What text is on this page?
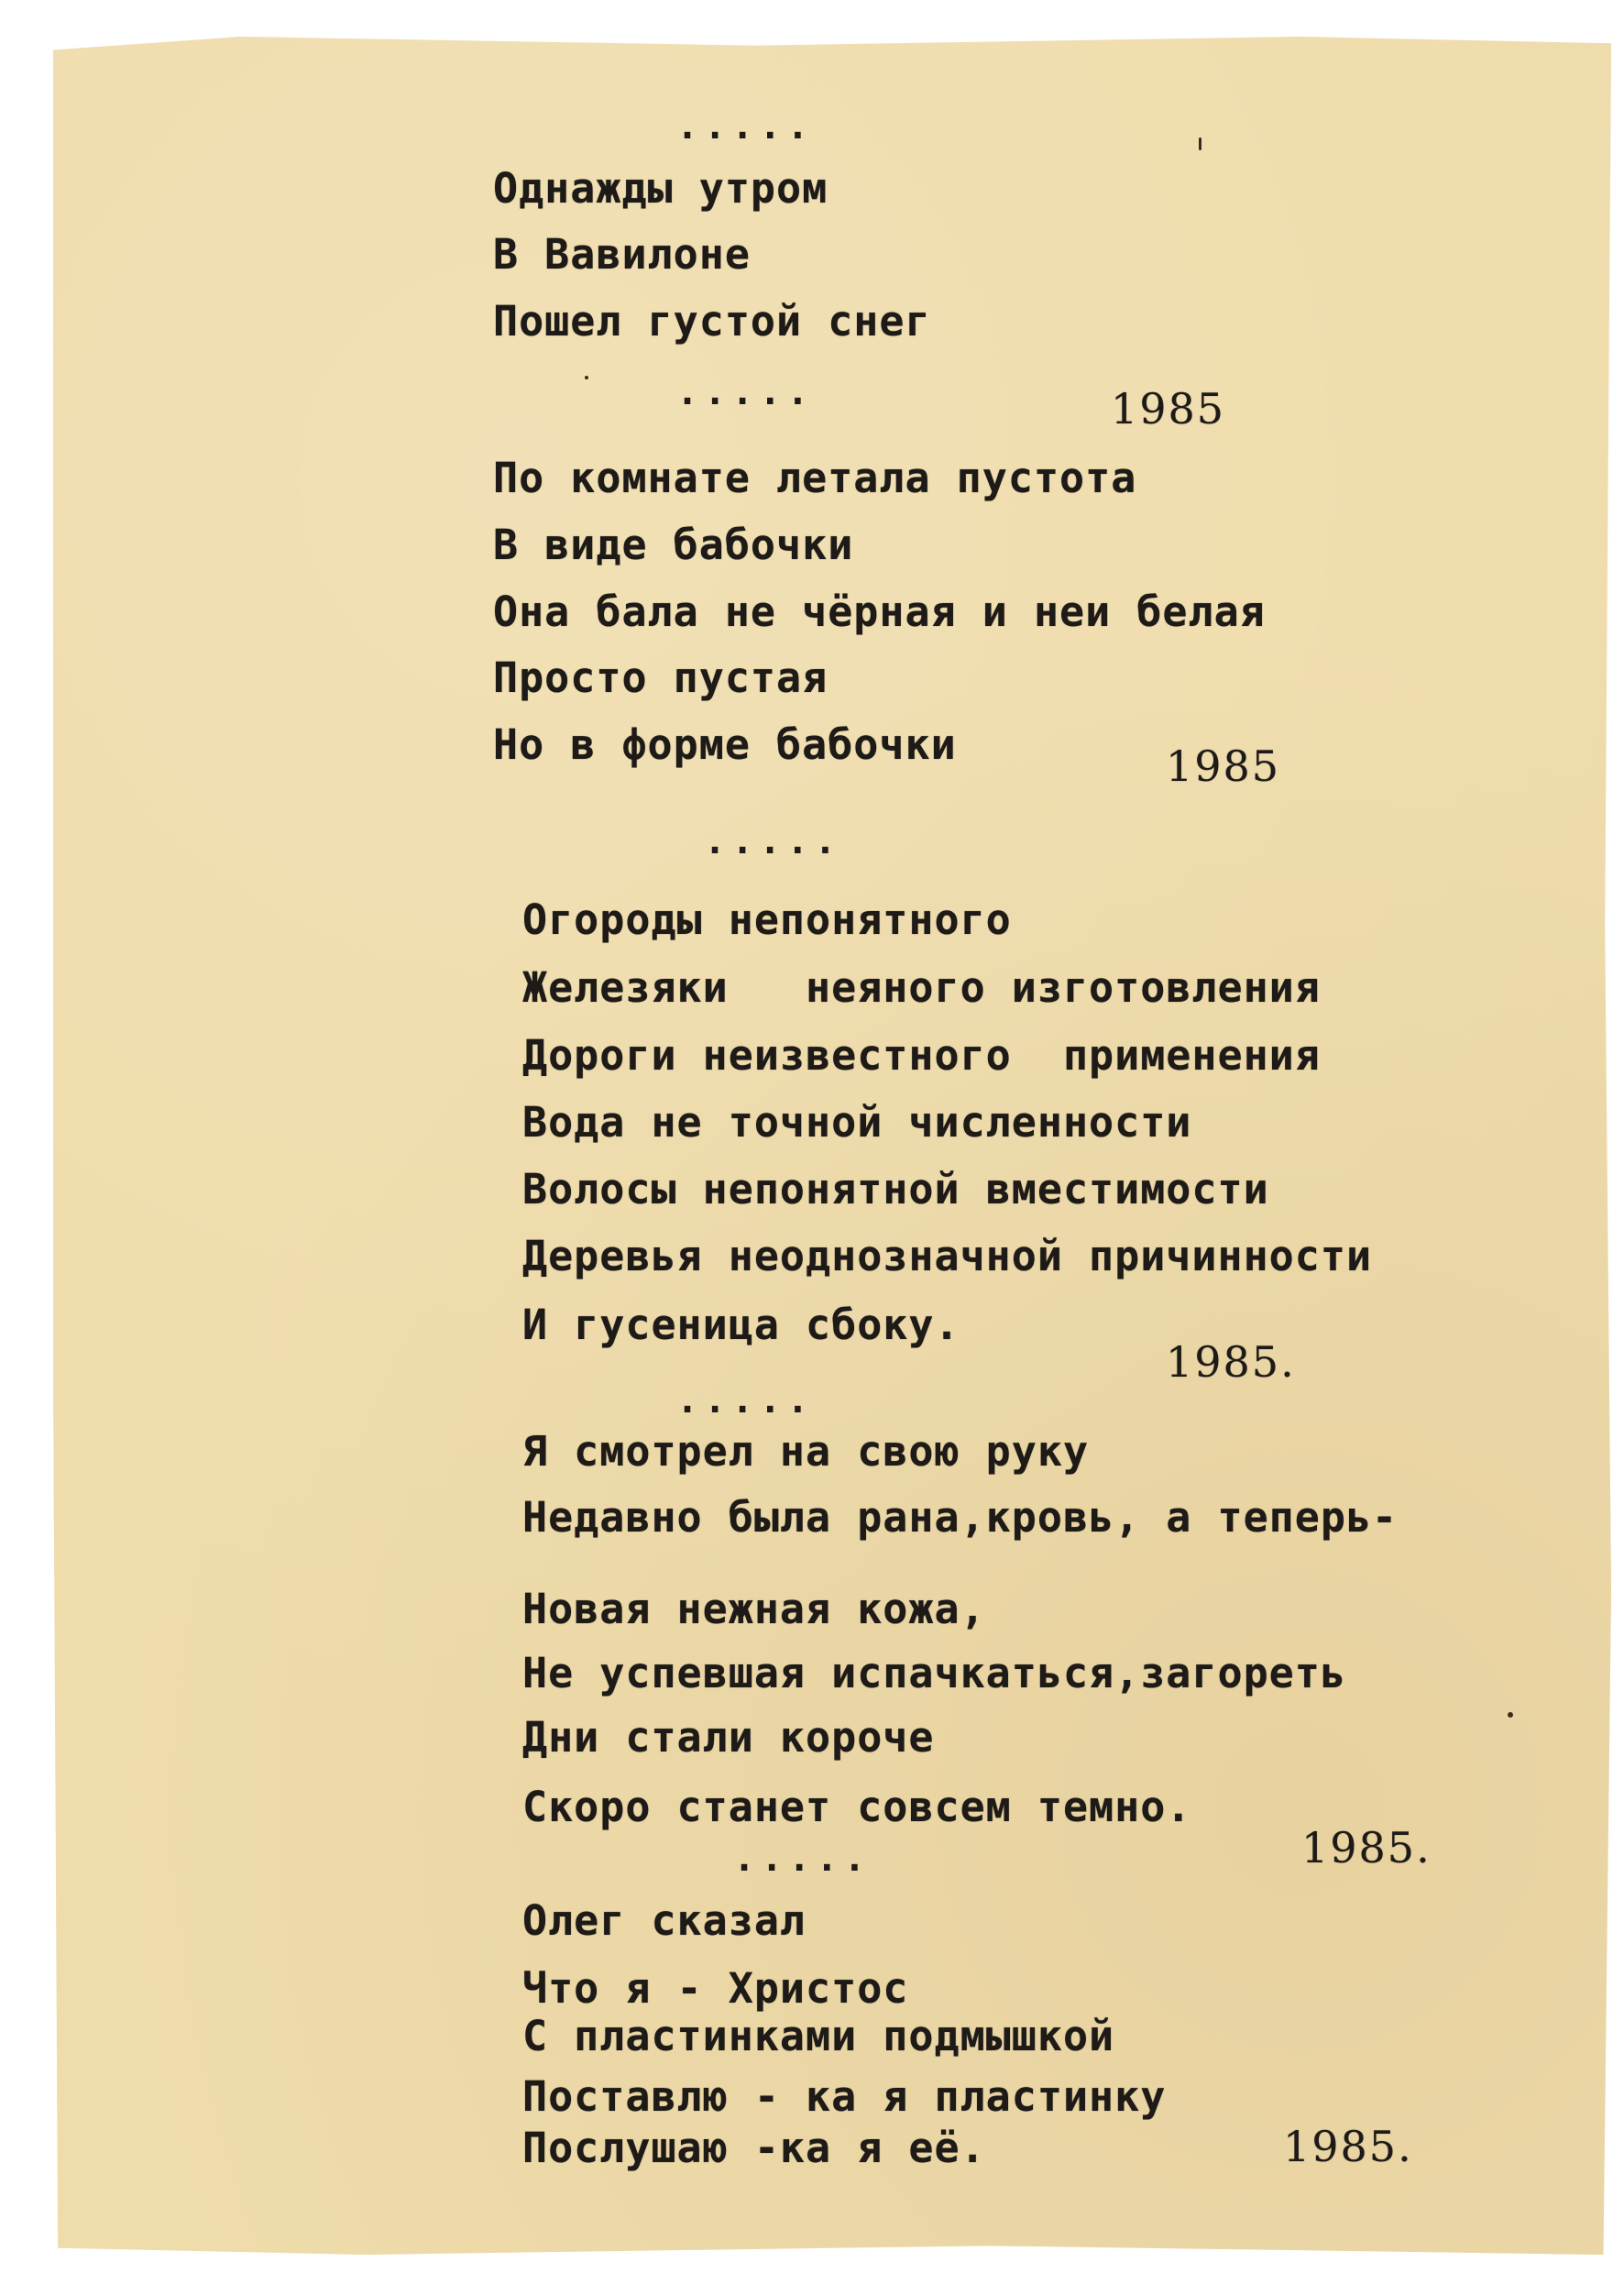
.....

Однажды утром

В Вавилоне

Пошел густой снег

.....	1985

По комнате летала пустота

В виде бабочки

Она бала не чёрная и неи белая

Просто пустая

Но в форме бабочки	1985

.....

Огороды непонятного

Железяки   неяного изготовления

Дороги неизвестного  применения

Вода не точной численности

Волосы непонятной вместимости

Деревья неоднозначной причинности

И гусеница сбоку.

1985.

.....

Я смотрел на свою руку

Недавно была рана,кровь, а теперь-

Новая нежная кожа,

Не успевшая испачкаться,загореть

Дни стали короче

Скоро станет совсем темно.

.....	1985.

Олег сказал

Что я - Христос

С пластинками подмышкой

Поставлю - ка я пластинку

Послушаю -ка я её.	1985.
